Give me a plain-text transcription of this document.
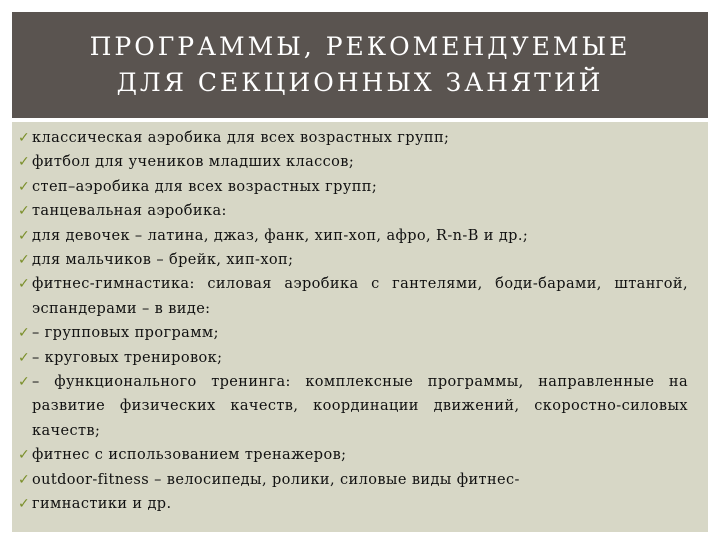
ПРОГРАММЫ, РЕКОМЕНДУЕМЫЕ
ДЛЯ СЕКЦИОННЫХ ЗАНЯТИЙ
✓ классическая аэробика для всех возрастных групп;
✓ фитбол для учеников младших классов;
✓ степ–аэробика для всех возрастных групп;
✓ танцевальная аэробика:
✓ для девочек – латина, джаз, фанк, хип-хоп, афро, R-n-B и др.;
✓ для мальчиков – брейк, хип-хоп;
✓ фитнес-гимнастика: силовая аэробика с гантелями, боди-барами, штангой, эспандерами – в виде:
✓ – групповых программ;
✓ – круговых тренировок;
✓ – функционального тренинга: комплексные программы, направленные на развитие физических качеств, координации движений, скоростно-силовых качеств;
✓ фитнес с использованием тренажеров;
✓ outdoor-fitness – велосипеды, ролики, силовые виды фитнес-
✓ гимнастики и др.
